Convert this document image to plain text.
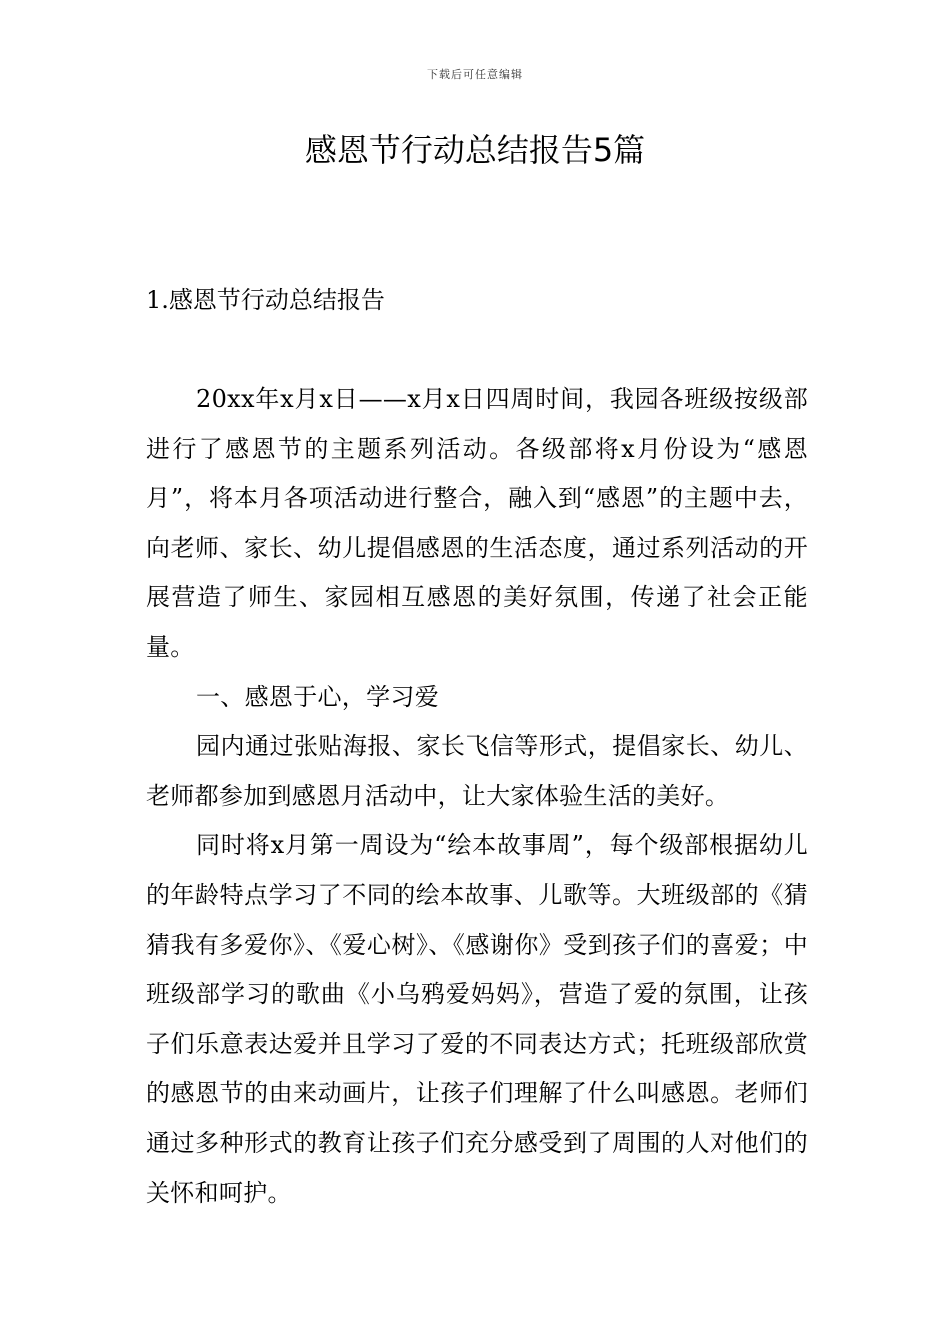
下载后可任意编辑
感恩节行动总结报告5篇
1.感恩节行动总结报告

20xx年x月x日——x月x日四周时间，我园各班级按级部进行了感恩节的主题系列活动。各级部将x月份设为“感恩月”，将本月各项活动进行整合，融入到“感恩”的主题中去，向老师、家长、幼儿提倡感恩的生活态度，通过系列活动的开展营造了师生、家园相互感恩的美好氛围，传递了社会正能量。

一、感恩于心，学习爱

园内通过张贴海报、家长飞信等形式，提倡家长、幼儿、老师都参加到感恩月活动中，让大家体验生活的美好。

同时将x月第一周设为“绘本故事周”，每个级部根据幼儿的年龄特点学习了不同的绘本故事、儿歌等。大班级部的《猜猜我有多爱你》、《爱心树》、《感谢你》受到孩子们的喜爱；中班级部学习的歌曲《小乌鸦爱妈妈》，营造了爱的氛围，让孩子们乐意表达爱并且学习了爱的不同表达方式；托班级部欣赏的感恩节的由来动画片，让孩子们理解了什么叫感恩。老师们通过多种形式的教育让孩子们充分感受到了周围的人对他们的关怀和呵护。
